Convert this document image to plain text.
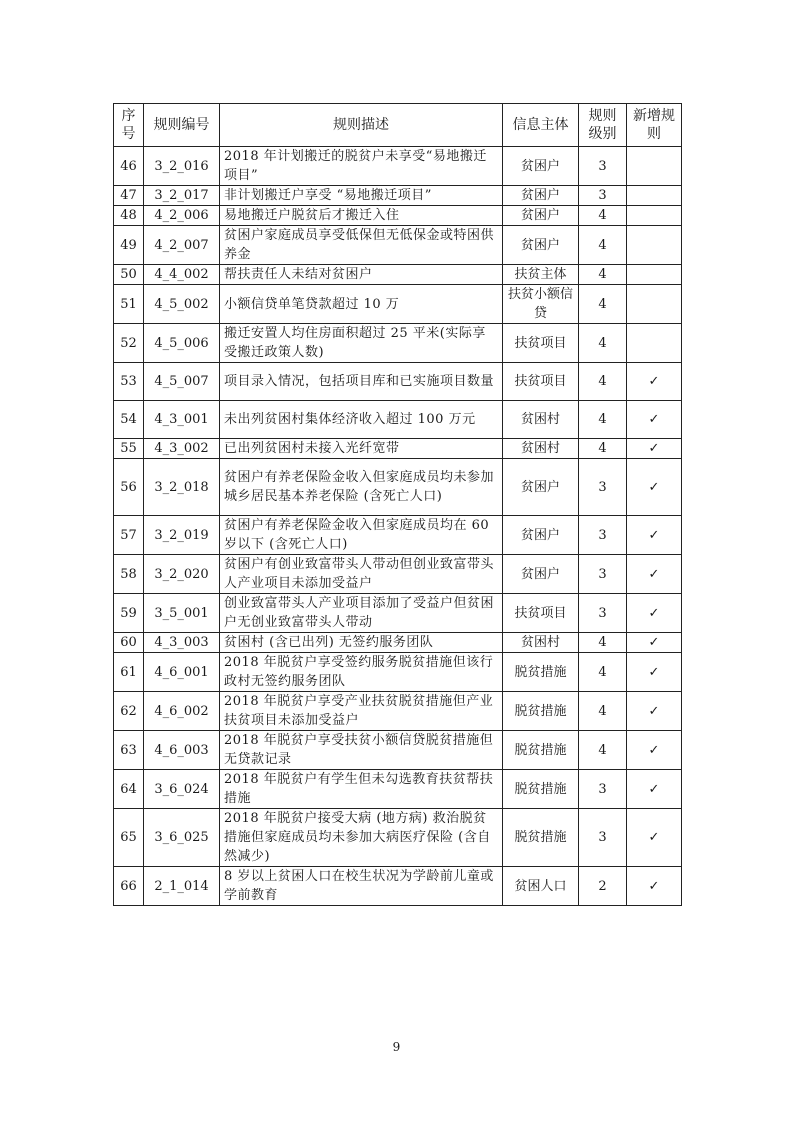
序号	规则编号	规则描述	信息主体	规则级别	新增规则
46	3_2_016	2018 年计划搬迁的脱贫户未享受“易地搬迁项目”	贫困户	3	
47	3_2_017	非计划搬迁户享受 “易地搬迁项目”	贫困户	3	
48	4_2_006	易地搬迁户脱贫后才搬迁入住	贫困户	4	
49	4_2_007	贫困户家庭成员享受低保但无低保金或特困供养金	贫困户	4	
50	4_4_002	帮扶责任人未结对贫困户	扶贫主体	4	
51	4_5_002	小额信贷单笔贷款超过 10 万	扶贫小额信贷	4	
52	4_5_006	搬迁安置人均住房面积超过 25 平米(实际享受搬迁政策人数)	扶贫项目	4	
53	4_5_007	项目录入情况，包括项目库和已实施项目数量	扶贫项目	4	✓
54	4_3_001	未出列贫困村集体经济收入超过 100 万元	贫困村	4	✓
55	4_3_002	已出列贫困村未接入光纤宽带	贫困村	4	✓
56	3_2_018	贫困户有养老保险金收入但家庭成员均未参加城乡居民基本养老保险 (含死亡人口)	贫困户	3	✓
57	3_2_019	贫困户有养老保险金收入但家庭成员均在 60 岁以下 (含死亡人口)	贫困户	3	✓
58	3_2_020	贫困户有创业致富带头人带动但创业致富带头人产业项目未添加受益户	贫困户	3	✓
59	3_5_001	创业致富带头人产业项目添加了受益户但贫困户无创业致富带头人带动	扶贫项目	3	✓
60	4_3_003	贫困村 (含已出列) 无签约服务团队	贫困村	4	✓
61	4_6_001	2018 年脱贫户享受签约服务脱贫措施但该行政村无签约服务团队	脱贫措施	4	✓
62	4_6_002	2018 年脱贫户享受产业扶贫脱贫措施但产业扶贫项目未添加受益户	脱贫措施	4	✓
63	4_6_003	2018 年脱贫户享受扶贫小额信贷脱贫措施但无贷款记录	脱贫措施	4	✓
64	3_6_024	2018 年脱贫户有学生但未勾选教育扶贫帮扶措施	脱贫措施	3	✓
65	3_6_025	2018 年脱贫户接受大病 (地方病) 救治脱贫措施但家庭成员均未参加大病医疗保险 (含自然减少)	脱贫措施	3	✓
66	2_1_014	8 岁以上贫困人口在校生状况为学龄前儿童或学前教育	贫困人口	2	✓
9
